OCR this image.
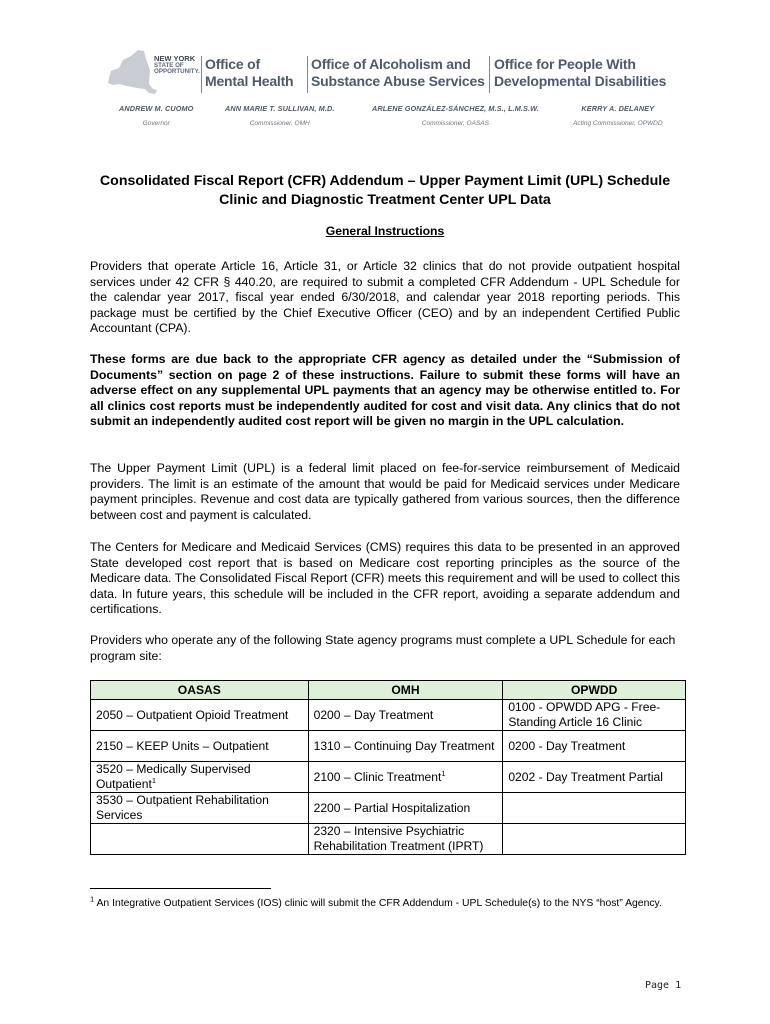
NEW YORK
STATE OF
OPPORTUNITY. Office of
Mental Health
Office of Alcoholism and
Substance Abuse Services
Office for People With
Developmental Disabilities
ANDREW M. CUOMO
Governor
ANN MARIE T. SULLIVAN, M.D.
Commissioner, OMH
ARLENE GONZÁLEZ-SÁNCHEZ, M.S., L.M.S.W.
Commissioner, OASAS
KERRY A. DELANEY
Acting Commissioner, OPWDD
Consolidated Fiscal Report (CFR) Addendum – Upper Payment Limit (UPL) Schedule
Clinic and Diagnostic Treatment Center UPL Data
General Instructions
Providers that operate Article 16, Article 31, or Article 32 clinics that do not provide outpatient hospital services under 42 CFR § 440.20, are required to submit a completed CFR Addendum - UPL Schedule for the calendar year 2017, fiscal year ended 6/30/2018, and calendar year 2018 reporting periods. This package must be certified by the Chief Executive Officer (CEO) and by an independent Certified Public Accountant (CPA).
These forms are due back to the appropriate CFR agency as detailed under the “Submission of Documents” section on page 2 of these instructions. Failure to submit these forms will have an adverse effect on any supplemental UPL payments that an agency may be otherwise entitled to. For all clinics cost reports must be independently audited for cost and visit data. Any clinics that do not submit an independently audited cost report will be given no margin in the UPL calculation.
The Upper Payment Limit (UPL) is a federal limit placed on fee-for-service reimbursement of Medicaid providers. The limit is an estimate of the amount that would be paid for Medicaid services under Medicare payment principles. Revenue and cost data are typically gathered from various sources, then the difference between cost and payment is calculated.
The Centers for Medicare and Medicaid Services (CMS) requires this data to be presented in an approved State developed cost report that is based on Medicare cost reporting principles as the source of the Medicare data. The Consolidated Fiscal Report (CFR) meets this requirement and will be used to collect this data. In future years, this schedule will be included in the CFR report, avoiding a separate addendum and certifications.
Providers who operate any of the following State agency programs must complete a UPL Schedule for each program site:
OASAS	OMH	OPWDD
2050 – Outpatient Opioid Treatment	0200 – Day Treatment	0100 - OPWDD APG - Free-Standing Article 16 Clinic
2150 – KEEP Units – Outpatient	1310 – Continuing Day Treatment	0200 - Day Treatment
3520 – Medically Supervised Outpatient$^1$	2100 – Clinic Treatment$^1$	0202 - Day Treatment Partial
3530 – Outpatient Rehabilitation Services	2200 – Partial Hospitalization	
	2320 – Intensive Psychiatric Rehabilitation Treatment (IPRT)	
$^1$ An Integrative Outpatient Services (IOS) clinic will submit the CFR Addendum - UPL Schedule(s) to the NYS “host” Agency.
Page 1
